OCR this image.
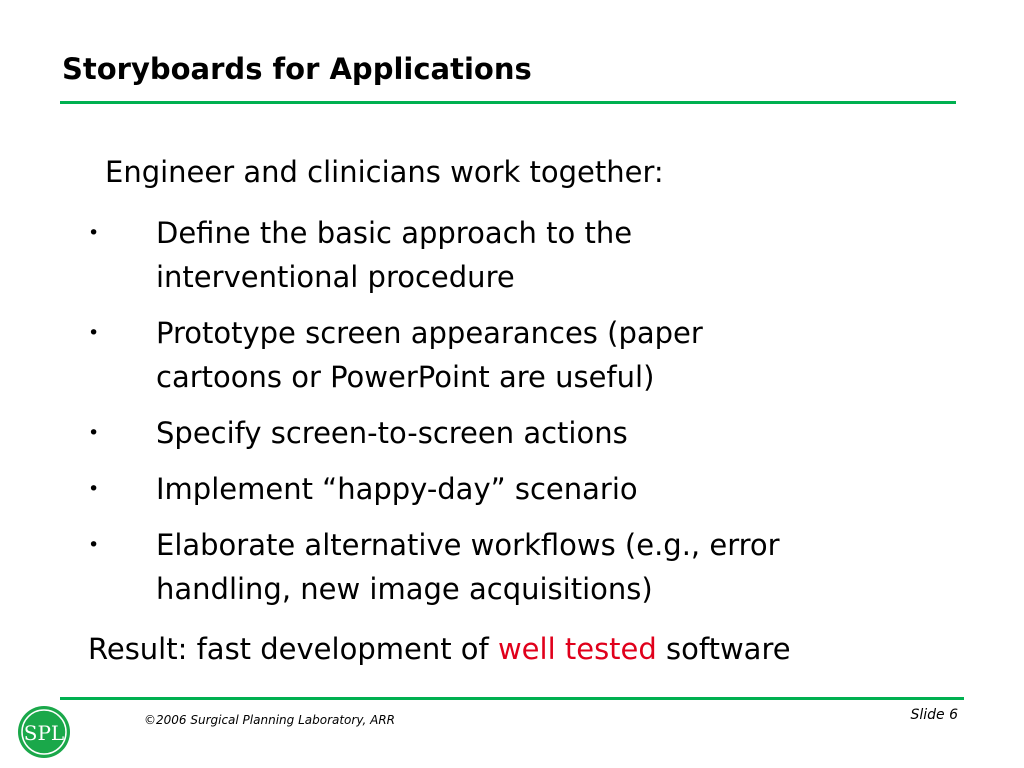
Storyboards for Applications
Engineer and clinicians work together:
• Define the basic approach to the
interventional procedure
• Prototype screen appearances (paper
cartoons or PowerPoint are useful)
• Specify screen-to-screen actions
• Implement “happy-day” scenario
• Elaborate alternative workflows (e.g., error
handling, new image acquisitions)
Result: fast development of well tested software
SPL
©2006 Surgical Planning Laboratory, ARR	Slide 6
